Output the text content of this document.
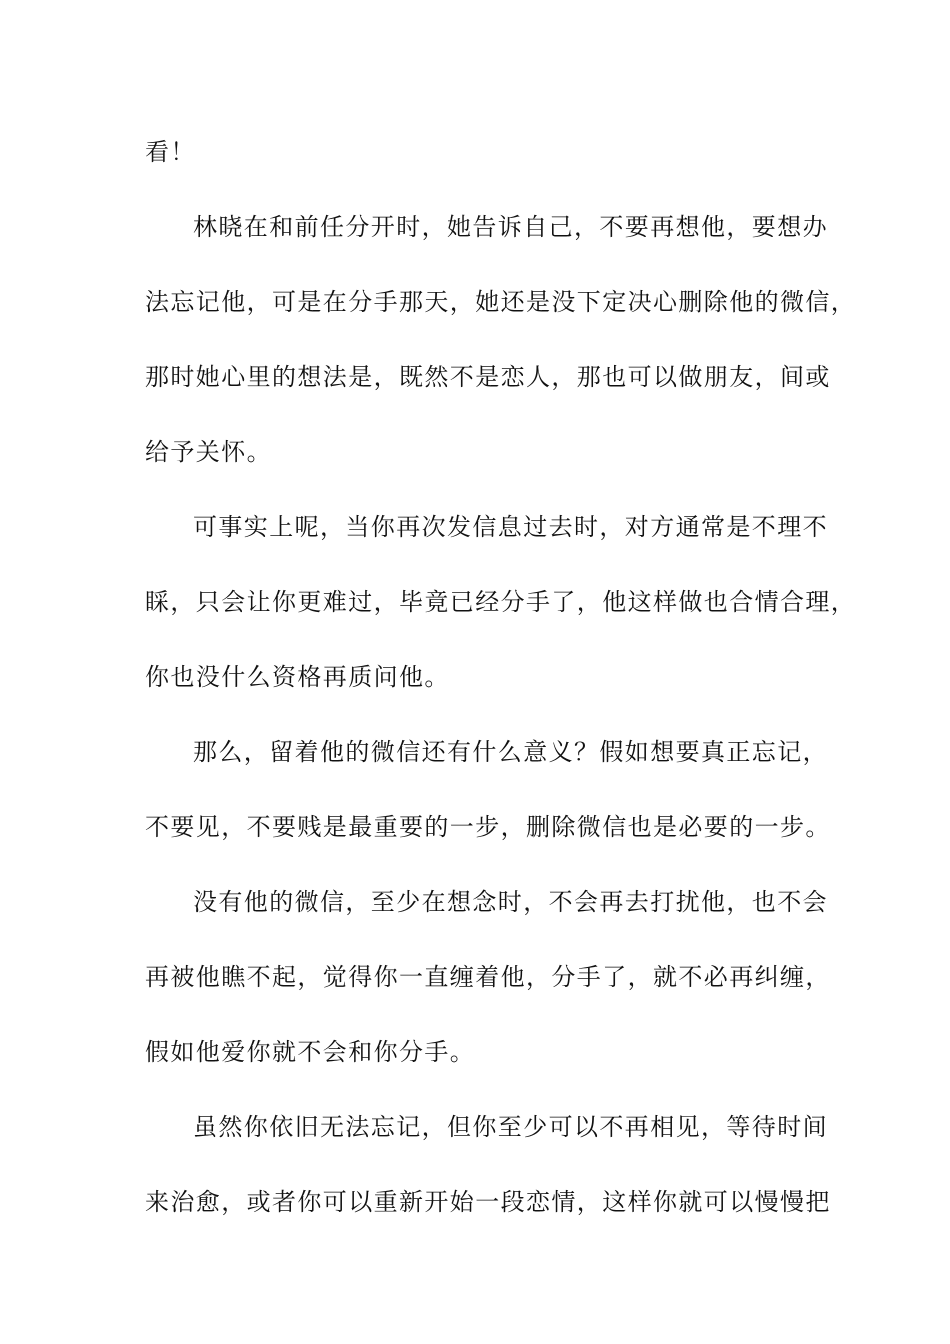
看！
林晓在和前任分开时，她告诉自己，不要再想他，要想办
法忘记他，可是在分手那天，她还是没下定决心删除他的微信，
那时她心里的想法是，既然不是恋人，那也可以做朋友，间或
给予关怀。
可事实上呢，当你再次发信息过去时，对方通常是不理不
睬，只会让你更难过，毕竟已经分手了，他这样做也合情合理，
你也没什么资格再质问他。
那么，留着他的微信还有什么意义？假如想要真正忘记，
不要见，不要贱是最重要的一步，删除微信也是必要的一步。
没有他的微信，至少在想念时，不会再去打扰他，也不会
再被他瞧不起，觉得你一直缠着他，分手了，就不必再纠缠，
假如他爱你就不会和你分手。
虽然你依旧无法忘记，但你至少可以不再相见，等待时间
来治愈，或者你可以重新开始一段恋情，这样你就可以慢慢把
